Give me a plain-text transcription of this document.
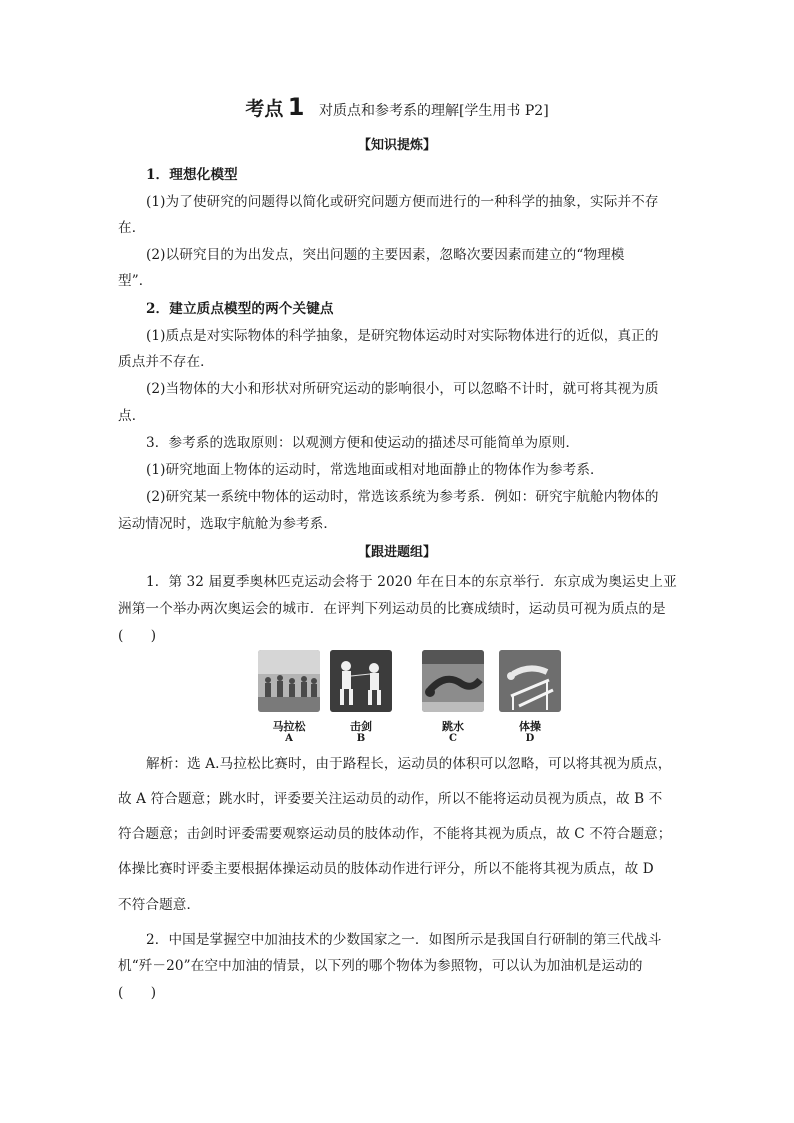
考点 1 对质点和参考系的理解[学生用书 P2]
【知识提炼】
1．理想化模型
(1)为了使研究的问题得以简化或研究问题方便而进行的一种科学的抽象，实际并不存
在．
(2)以研究目的为出发点，突出问题的主要因素，忽略次要因素而建立的“物理模
型”．
2．建立质点模型的两个关键点
(1)质点是对实际物体的科学抽象，是研究物体运动时对实际物体进行的近似，真正的
质点并不存在．
(2)当物体的大小和形状对所研究运动的影响很小，可以忽略不计时，就可将其视为质
点．
3．参考系的选取原则：以观测方便和使运动的描述尽可能简单为原则．
(1)研究地面上物体的运动时，常选地面或相对地面静止的物体作为参考系．
(2)研究某一系统中物体的运动时，常选该系统为参考系．例如：研究宇航舱内物体的
运动情况时，选取宇航舱为参考系．
【跟进题组】
1．第 32 届夏季奥林匹克运动会将于 2020 年在日本的东京举行．东京成为奥运史上亚
洲第一个举办两次奥运会的城市．在评判下列运动员的比赛成绩时，运动员可视为质点的是
(　　)
马拉松
A
击剑
B
跳水
C
体操
D
解析：选 A.马拉松比赛时，由于路程长，运动员的体积可以忽略，可以将其视为质点，
故 A 符合题意；跳水时，评委要关注运动员的动作，所以不能将运动员视为质点，故 B 不
符合题意；击剑时评委需要观察运动员的肢体动作，不能将其视为质点，故 C 不符合题意；
体操比赛时评委主要根据体操运动员的肢体动作进行评分，所以不能将其视为质点，故 D
不符合题意．
2．中国是掌握空中加油技术的少数国家之一．如图所示是我国自行研制的第三代战斗
机“歼－20”在空中加油的情景，以下列的哪个物体为参照物，可以认为加油机是运动的
(　　)
